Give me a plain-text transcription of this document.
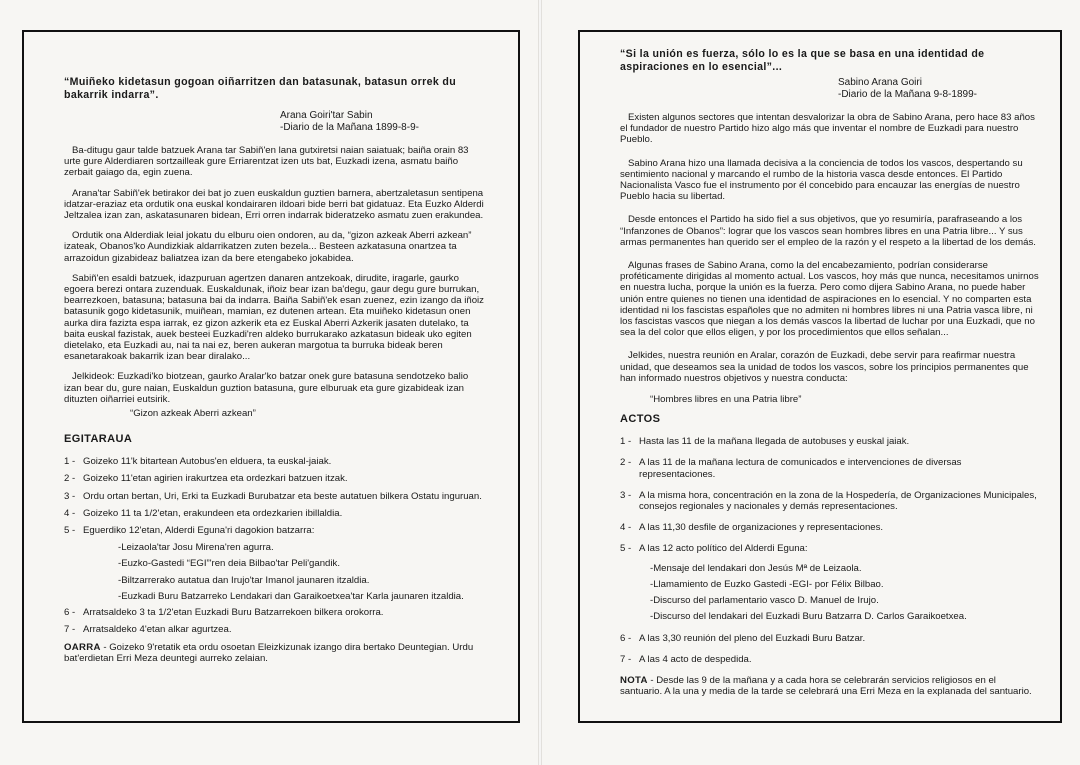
“Muiñeko kidetasun gogoan oiñarritzen dan batasunak, batasun orrek du bakarrik indarra”.

Arana Goiri'tar Sabin
-Diario de la Mañana 1899-8-9-

Ba-ditugu gaur talde batzuek Arana tar Sabiñ'en lana gutxiretsi naian saiatuak; baiña orain 83 urte gure Alderdiaren sortzailleak gure Erriarentzat izen uts bat, Euzkadi izena, asmatu baiño zerbait gaiago da, egin zuena.

Arana'tar Sabiñ'ek betirakor dei bat jo zuen euskaldun guztien barnera, abertzaletasun sentipena idatzar-eraziaz eta ordutik ona euskal kondairaren ildoari bide berri bat gidatuaz. Eta Euzko Alderdi Jeltzalea izan zan, askatasunaren bidean, Erri orren indarrak bideratzeko asmatu zuen erakundea.

Ordutik ona Alderdiak leial jokatu du elburu oien ondoren, au da, “gizon azkeak Aberri azkean” izateak, Obanos'ko Aundizkiak aldarrikatzen zuten bezela... Besteen azkatasuna onartzea ta arrazoidun gizabideaz baliatzea izan da bere etengabeko jokabidea.

Sabiñ'en esaldi batzuek, idazpuruan agertzen danaren antzekoak, dirudite, iragarle, gaurko egoera berezi ontara zuzenduak. Euskaldunak, iñoiz bear izan ba'degu, gaur degu gure burrukan, bearrezkoen, batasuna; batasuna bai da indarra. Baiña Sabiñ'ek esan zuenez, ezin izango da iñoiz batasunik gogo kidetasunik, muiñean, mamian, ez dutenen artean. Eta muiñeko kidetasun onen aurka dira fazizta espa iarrak, ez gizon azkerik eta ez Euskal Aberri Azkerik jasaten dutelako, ta baita euskal fazistak, auek besteei Euzkadi'ren aldeko burrukarako azkatasun bideak uko egiten dietelako, eta Euzkadi au, nai ta nai ez, beren aukeran margotua ta burruka bideak beren esanetarakoak bakarrik izan bear diralako...

Jelkideok: Euzkadi'ko biotzean, gaurko Aralar'ko batzar onek gure batasuna sendotzeko balio izan bear du, gure naian, Euskaldun guztion batasuna, gure elburuak eta gure gizabideak izan dituzten oiñarriei eutsirik.

“Gizon azkeak Aberri azkean”
EGITARAUA
1 - Goizeko 11'k bitartean Autobus'en elduera, ta euskal-jaiak.
2 - Goizeko 11'etan agirien irakurtzea eta ordezkari batzuen itzak.
3 - Ordu ortan bertan, Uri, Erki ta Euzkadi Burubatzar eta beste autatuen bilkera Ostatu inguruan.
4 - Goizeko 11 ta 1/2'etan, erakundeen eta ordezkarien ibillaldia.
5 - Eguerdiko 12'etan, Alderdi Eguna'ri dagokion batzarra:
-Leizaola'tar Josu Mirena'ren agurra.
-Euzko-Gastedi “EGI”'ren deia Bilbao'tar Peli'gandik.
-Biltzarrerako autatua dan Irujo'tar Imanol jaunaren itzaldia.
-Euzkadi Buru Batzarreko Lendakari dan Garaikoetxea'tar Karla jaunaren itzaldia.
6 - Arratsaldeko 3 ta 1/2'etan Euzkadi Buru Batzarrekoen bilkera orokorra.
7 - Arratsaldeko 4'etan alkar agurtzea.
OARRA - Goizeko 9'retatik eta ordu osoetan Eleizkizunak izango dira bertako Deuntegian. Urdu bat'erdietan Erri Meza deuntegi aurreko zelaian.

“Si la unión es fuerza, sólo lo es la que se basa en una identidad de aspiraciones en lo esencial”...

Sabino Arana Goiri
-Diario de la Mañana 9-8-1899-

Existen algunos sectores que intentan desvalorizar la obra de Sabino Arana, pero hace 83 años el fundador de nuestro Partido hizo algo más que inventar el nombre de Euzkadi para nuestro Pueblo.

Sabino Arana hizo una llamada decisiva a la conciencia de todos los vascos, despertando su sentimiento nacional y marcando el rumbo de la historia vasca desde entonces. El Partido Nacionalista Vasco fue el instrumento por él concebido para encauzar las energías de nuestro Pueblo hacia su libertad.

Desde entonces el Partido ha sido fiel a sus objetivos, que yo resumiría, parafraseando a los “Infanzones de Obanos”: lograr que los vascos sean hombres libres en una Patria libre... Y sus armas permanentes han querido ser el empleo de la razón y el respeto a la libertad de los demás.

Algunas frases de Sabino Arana, como la del encabezamiento, podrían considerarse proféticamente dirigidas al momento actual. Los vascos, hoy más que nunca, necesitamos unirnos en nuestra lucha, porque la unión es la fuerza. Pero como dijera Sabino Arana, no puede haber unión entre quienes no tienen una identidad de aspiraciones en lo esencial. Y no comparten esta identidad ni los fascistas españoles que no admiten ni hombres libres ni una Patria vasca libre, ni los fascistas vascos que niegan a los demás vascos la libertad de luchar por una Euzkadi, que no sea la del color que ellos eligen, y por los procedimientos que ellos señalan...

Jelkides, nuestra reunión en Aralar, corazón de Euzkadi, debe servir para reafirmar nuestra unidad, que deseamos sea la unidad de todos los vascos, sobre los principios permanentes que han informado nuestros objetivos y nuestra conducta:

“Hombres libres en una Patria libre”
ACTOS
1 - Hasta las 11 de la mañana llegada de autobuses y euskal jaiak.
2 - A las 11 de la mañana lectura de comunicados e intervenciones de diversas representaciones.
3 - A la misma hora, concentración en la zona de la Hospedería, de Organizaciones Municipales, consejos regionales y nacionales y demás representaciones.
4 - A las 11,30 desfile de organizaciones y representaciones.
5 - A las 12 acto político del Alderdi Eguna:
-Mensaje del lendakari don Jesús Mª de Leizaola.
-Llamamiento de Euzko Gastedi -EGI- por Félix Bilbao.
-Discurso del parlamentario vasco D. Manuel de Irujo.
-Discurso del lendakari del Euzkadi Buru Batzarra D. Carlos Garaikoetxea.
6 - A las 3,30 reunión del pleno del Euzkadi Buru Batzar.
7 - A las 4 acto de despedida.
NOTA - Desde las 9 de la mañana y a cada hora se celebrarán servicios religiosos en el santuario. A la una y media de la tarde se celebrará una Erri Meza en la explanada del santuario.
